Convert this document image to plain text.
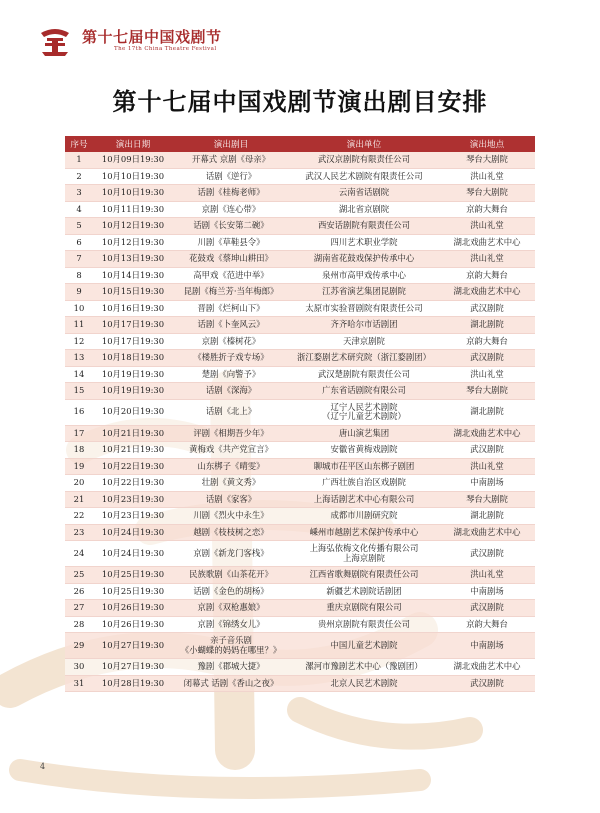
第十七届中国戏剧节
The 17th China Theatre Festival
第十七届中国戏剧节演出剧目安排
序号	演出日期	演出剧目	演出单位	演出地点
1	10月09日19:30	开幕式 京剧《母亲》	武汉京剧院有限责任公司	琴台大剧院
2	10月10日19:30	话剧《逆行》	武汉人民艺术剧院有限责任公司	洪山礼堂
3	10月10日19:30	话剧《桂梅老师》	云南省话剧院	琴台大剧院
4	10月11日19:30	京剧《连心带》	湖北省京剧院	京韵大舞台
5	10月12日19:30	话剧《长安第二碗》	西安话剧院有限责任公司	洪山礼堂
6	10月12日19:30	川剧《草鞋县令》	四川艺术职业学院	湖北戏曲艺术中心
7	10月13日19:30	花鼓戏《蔡坤山耕田》	湖南省花鼓戏保护传承中心	洪山礼堂
8	10月14日19:30	高甲戏《范进中举》	泉州市高甲戏传承中心	京韵大舞台
9	10月15日19:30	昆剧《梅兰芳·当年梅郎》	江苏省演艺集团昆剧院	湖北戏曲艺术中心
10	10月16日19:30	晋剧《烂柯山下》	太原市实验晋剧院有限责任公司	武汉剧院
11	10月17日19:30	话剧《卜奎风云》	齐齐哈尔市话剧团	湖北剧院
12	10月17日19:30	京剧《榛树花》	天津京剧院	京韵大舞台
13	10月18日19:30	《楼胜折子戏专场》	浙江婺剧艺术研究院（浙江婺剧团）	武汉剧院
14	10月19日19:30	楚剧《向警予》	武汉楚剧院有限责任公司	洪山礼堂
15	10月19日19:30	话剧《深海》	广东省话剧院有限公司	琴台大剧院
16	10月20日19:30	话剧《北上》	辽宁人民艺术剧院
（辽宁儿童艺术剧院）	湖北剧院
17	10月21日19:30	评剧《相期吾少年》	唐山演艺集团	湖北戏曲艺术中心
18	10月21日19:30	黄梅戏《共产党宣言》	安徽省黄梅戏剧院	武汉剧院
19	10月22日19:30	山东梆子《晴雯》	聊城市茌平区山东梆子剧团	洪山礼堂
20	10月22日19:30	壮剧《黄文秀》	广西壮族自治区戏剧院	中南剧场
21	10月23日19:30	话剧《家客》	上海话剧艺术中心有限公司	琴台大剧院
22	10月23日19:30	川剧《烈火中永生》	成都市川剧研究院	湖北剧院
23	10月24日19:30	越剧《枝枝树之恋》	嵊州市越剧艺术保护传承中心	湖北戏曲艺术中心
24	10月24日19:30	京剧《新龙门客栈》	上海弘依梅文化传播有限公司
上海京剧院	武汉剧院
25	10月25日19:30	民族歌剧《山茶花开》	江西省歌舞剧院有限责任公司	洪山礼堂
26	10月25日19:30	话剧《金色的胡杨》	新疆艺术剧院话剧团	中南剧场
27	10月26日19:30	京剧《双枪惠娘》	重庆京剧院有限公司	武汉剧院
28	10月26日19:30	京剧《锦绣女儿》	贵州京剧院有限责任公司	京韵大舞台
29	10月27日19:30	亲子音乐剧
《小蝴蝶的妈妈在哪里？》	中国儿童艺术剧院	中南剧场
30	10月27日19:30	豫剧《郡城大捷》	漯河市豫剧艺术中心（豫剧团）	湖北戏曲艺术中心
31	10月28日19:30	闭幕式 话剧《香山之夜》	北京人民艺术剧院	武汉剧院
4
